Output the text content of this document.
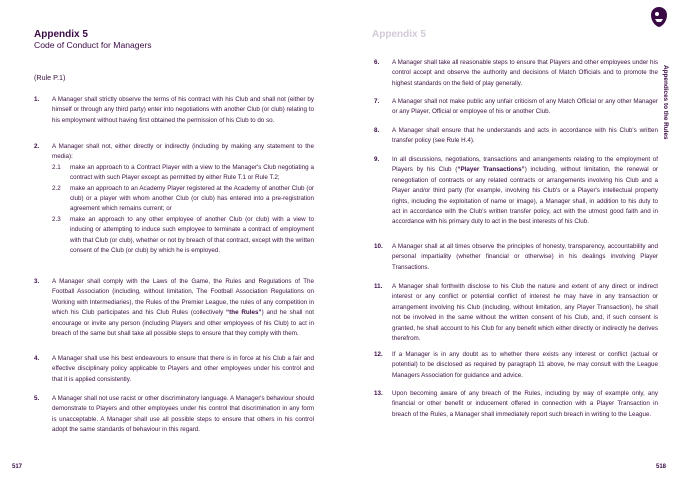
Appendix 5
Code of Conduct for Managers
(Rule P.1)
1. A Manager shall strictly observe the terms of his contract with his Club and shall not (either by himself or through any third party) enter into negotiations with another Club (or club) relating to his employment without having first obtained the permission of his Club to do so.
2. A Manager shall not, either directly or indirectly (including by making any statement to the media):
2.1 make an approach to a Contract Player with a view to the Manager's Club negotiating a contract with such Player except as permitted by either Rule T.1 or Rule T.2;
2.2 make an approach to an Academy Player registered at the Academy of another Club (or club) or a player with whom another Club (or club) has entered into a pre-registration agreement which remains current; or
2.3 make an approach to any other employee of another Club (or club) with a view to inducing or attempting to induce such employee to terminate a contract of employment with that Club (or club), whether or not by breach of that contract, except with the written consent of the Club (or club) by which he is employed.
3. A Manager shall comply with the Laws of the Game, the Rules and Regulations of The Football Association (including, without limitation, The Football Association Regulations on Working with Intermediaries), the Rules of the Premier League, the rules of any competition in which his Club participates and his Club Rules (collectively “the Rules”) and he shall not encourage or invite any person (including Players and other employees of his Club) to act in breach of the same but shall take all possible steps to ensure that they comply with them.
4. A Manager shall use his best endeavours to ensure that there is in force at his Club a fair and effective disciplinary policy applicable to Players and other employees under his control and that it is applied consistently.
5. A Manager shall not use racist or other discriminatory language. A Manager's behaviour should demonstrate to Players and other employees under his control that discrimination in any form is unacceptable. A Manager shall use all possible steps to ensure that others in his control adopt the same standards of behaviour in this regard.
517
Appendix 5
Appendices to the Rules
6. A Manager shall take all reasonable steps to ensure that Players and other employees under his control accept and observe the authority and decisions of Match Officials and to promote the highest standards on the field of play generally.
7. A Manager shall not make public any unfair criticism of any Match Official or any other Manager or any Player, Official or employee of his or another Club.
8. A Manager shall ensure that he understands and acts in accordance with his Club's written transfer policy (see Rule H.4).
9. In all discussions, negotiations, transactions and arrangements relating to the employment of Players by his Club (“Player Transactions”) including, without limitation, the renewal or renegotiation of contracts or any related contracts or arrangements involving his Club and a Player and/or third party (for example, involving his Club's or a Player's intellectual property rights, including the exploitation of name or image), a Manager shall, in addition to his duty to act in accordance with the Club's written transfer policy, act with the utmost good faith and in accordance with his primary duty to act in the best interests of his Club.
10. A Manager shall at all times observe the principles of honesty, transparency, accountability and personal impartiality (whether financial or otherwise) in his dealings involving Player Transactions.
11. A Manager shall forthwith disclose to his Club the nature and extent of any direct or indirect interest or any conflict or potential conflict of interest he may have in any transaction or arrangement involving his Club (including, without limitation, any Player Transaction), he shall not be involved in the same without the written consent of his Club, and, if such consent is granted, he shall account to his Club for any benefit which either directly or indirectly he derives therefrom.
12. If a Manager is in any doubt as to whether there exists any interest or conflict (actual or potential) to be disclosed as required by paragraph 11 above, he may consult with the League Managers Association for guidance and advice.
13. Upon becoming aware of any breach of the Rules, including by way of example only, any financial or other benefit or inducement offered in connection with a Player Transaction in breach of the Rules, a Manager shall immediately report such breach in writing to the League.
518
